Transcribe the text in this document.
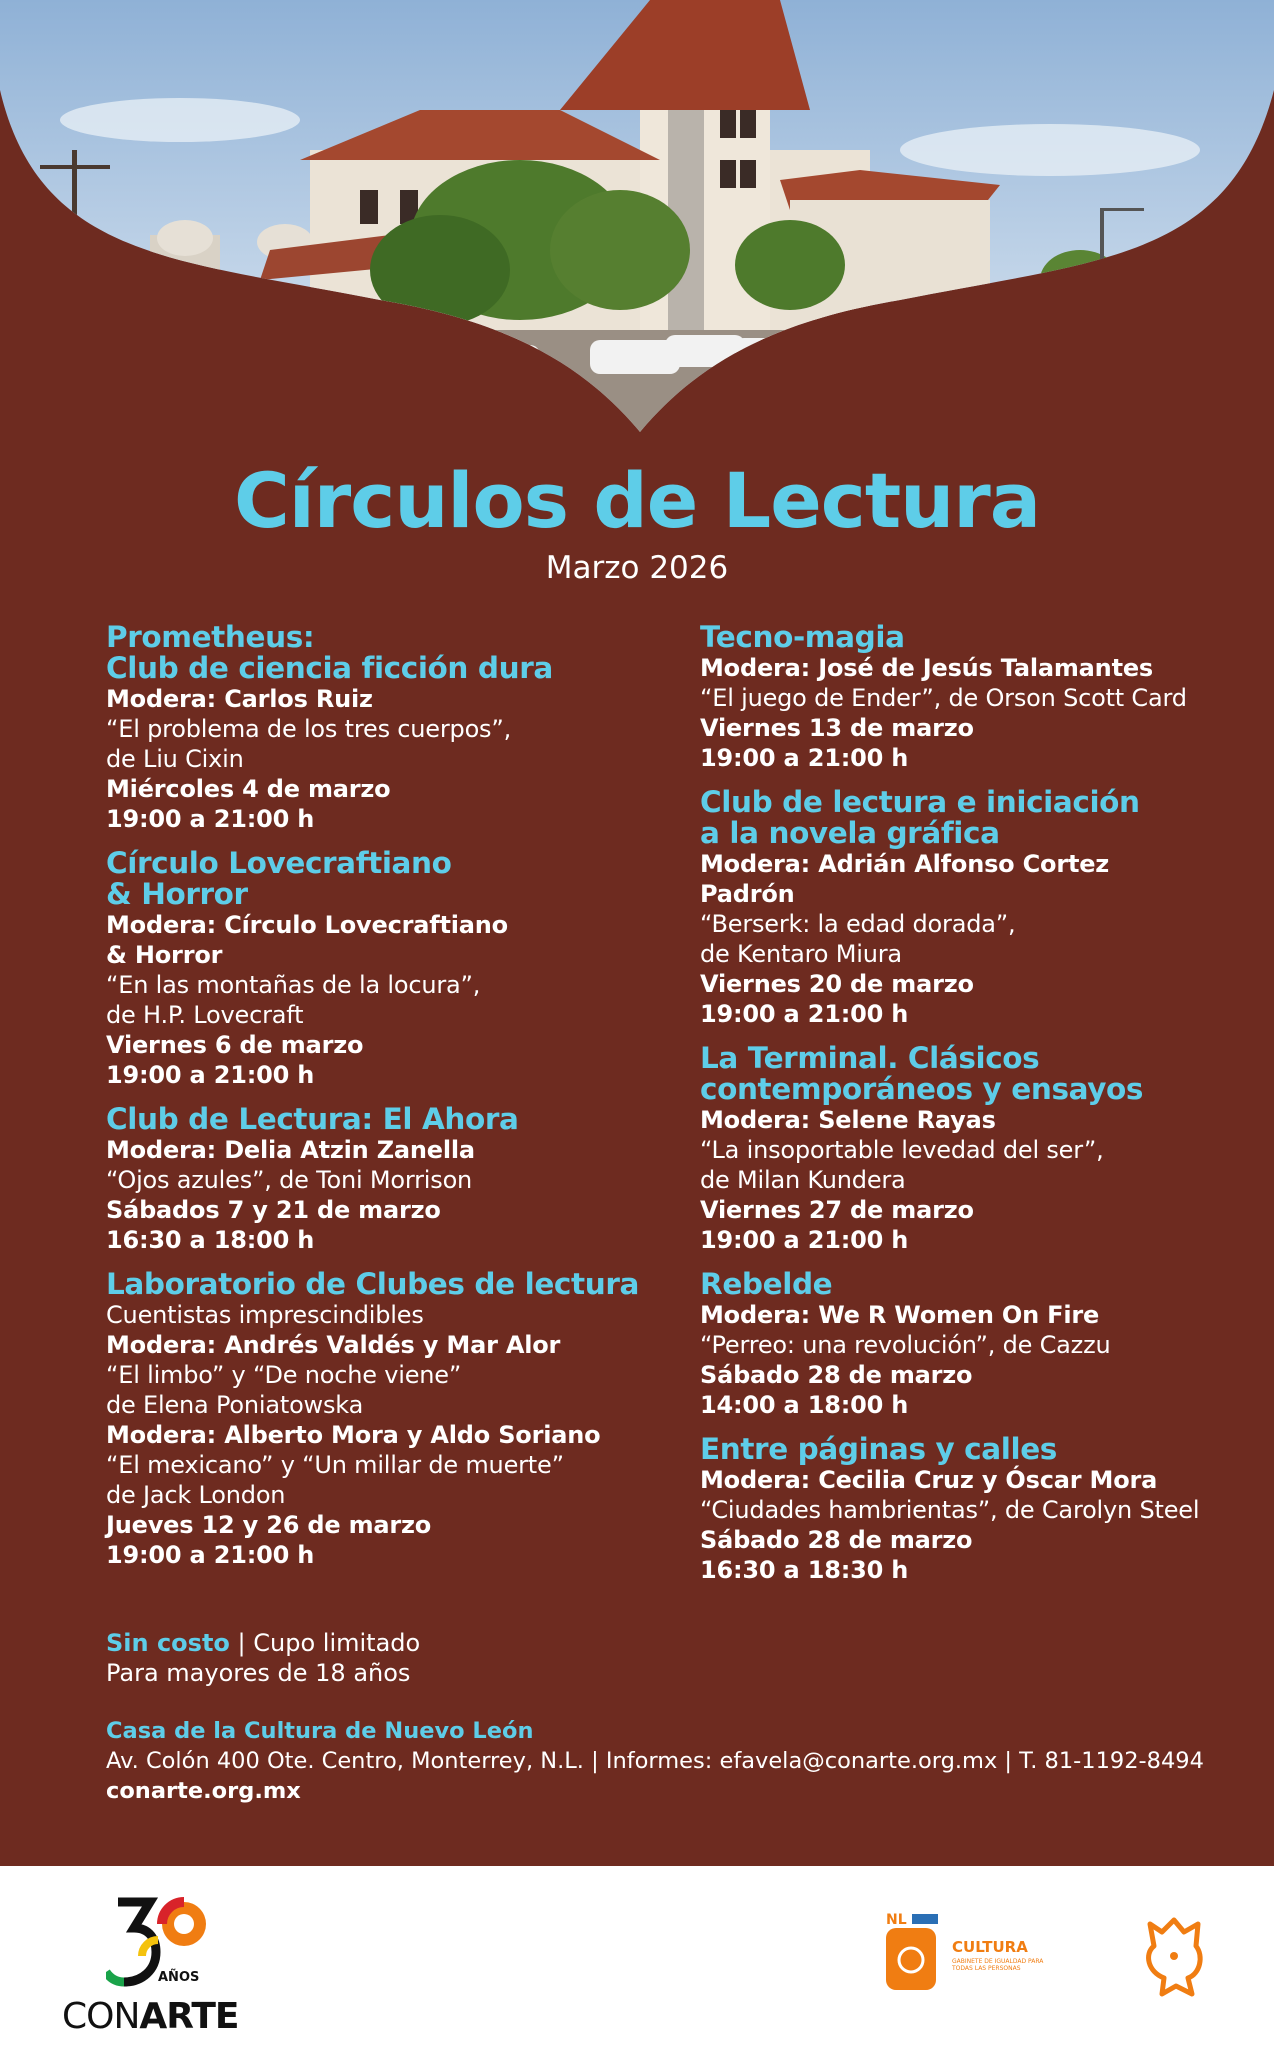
Círculos de Lectura
Marzo 2026
Prometheus:
Club de ciencia ficción dura
Modera: Carlos Ruiz
“El problema de los tres cuerpos”,
de Liu Cixin
Miércoles 4 de marzo
19:00 a 21:00 h
Círculo Lovecraftiano
& Horror
Modera: Círculo Lovecraftiano
& Horror
“En las montañas de la locura”,
de H.P. Lovecraft
Viernes 6 de marzo
19:00 a 21:00 h
Club de Lectura: El Ahora
Modera: Delia Atzin Zanella
“Ojos azules”, de Toni Morrison
Sábados 7 y 21 de marzo
16:30 a 18:00 h
Laboratorio de Clubes de lectura
Cuentistas imprescindibles
Modera: Andrés Valdés y Mar Alor
“El limbo” y “De noche viene”
de Elena Poniatowska
Modera: Alberto Mora y Aldo Soriano
“El mexicano” y “Un millar de muerte”
de Jack London
Jueves 12 y 26 de marzo
19:00 a 21:00 h
Tecno-magia
Modera: José de Jesús Talamantes
“El juego de Ender”, de Orson Scott Card
Viernes 13 de marzo
19:00 a 21:00 h
Club de lectura e iniciación
a la novela gráfica
Modera: Adrián Alfonso Cortez Padrón
“Berserk: la edad dorada”,
de Kentaro Miura
Viernes 20 de marzo
19:00 a 21:00 h
La Terminal. Clásicos
contemporáneos y ensayos
Modera: Selene Rayas
“La insoportable levedad del ser”,
de Milan Kundera
Viernes 27 de marzo
19:00 a 21:00 h
Rebelde
Modera: We R Women On Fire
“Perreo: una revolución”, de Cazzu
Sábado 28 de marzo
14:00 a 18:00 h
Entre páginas y calles
Modera: Cecilia Cruz y Óscar Mora
“Ciudades hambrientas”, de Carolyn Steel
Sábado 28 de marzo
16:30 a 18:30 h
Sin costo | Cupo limitado
Para mayores de 18 años
Casa de la Cultura de Nuevo León
Av. Colón 400 Ote. Centro, Monterrey, N.L. | Informes: efavela@conarte.org.mx | T. 81-1192-8494
conarte.org.mx
AÑOS
CONARTE
NL
CULTURA
GABINETE DE IGUALDAD PARA TODAS LAS PERSONAS
